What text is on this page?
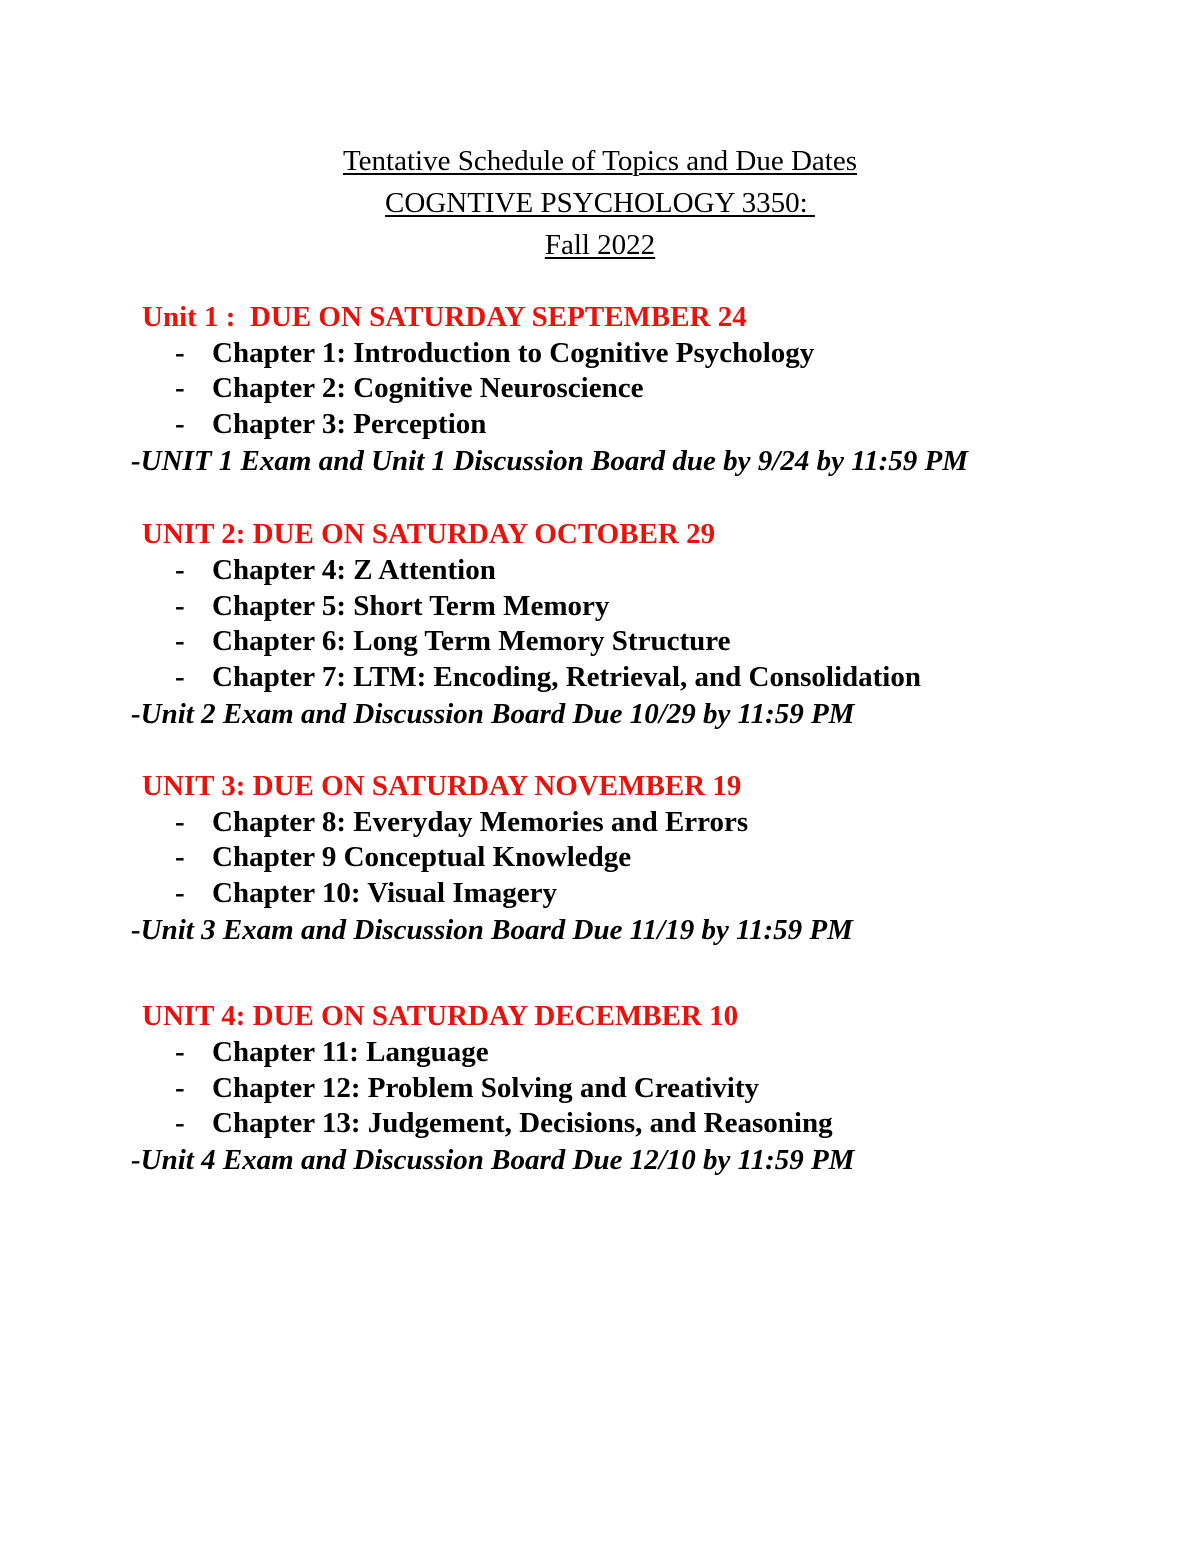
Tentative Schedule of Topics and Due Dates
COGNTIVE PSYCHOLOGY 3350:
Fall 2022
Unit 1 :  DUE ON SATURDAY SEPTEMBER 24
- Chapter 1: Introduction to Cognitive Psychology
- Chapter 2: Cognitive Neuroscience
- Chapter 3: Perception
-UNIT 1 Exam and Unit 1 Discussion Board due by 9/24 by 11:59 PM
UNIT 2: DUE ON SATURDAY OCTOBER 29
- Chapter 4: Z Attention
- Chapter 5: Short Term Memory
- Chapter 6: Long Term Memory Structure
- Chapter 7: LTM: Encoding, Retrieval, and Consolidation
-Unit 2 Exam and Discussion Board Due 10/29 by 11:59 PM
UNIT 3: DUE ON SATURDAY NOVEMBER 19
- Chapter 8: Everyday Memories and Errors
- Chapter 9 Conceptual Knowledge
- Chapter 10: Visual Imagery
-Unit 3 Exam and Discussion Board Due 11/19 by 11:59 PM
UNIT 4: DUE ON SATURDAY DECEMBER 10
- Chapter 11: Language
- Chapter 12: Problem Solving and Creativity
- Chapter 13: Judgement, Decisions, and Reasoning
-Unit 4 Exam and Discussion Board Due 12/10 by 11:59 PM
